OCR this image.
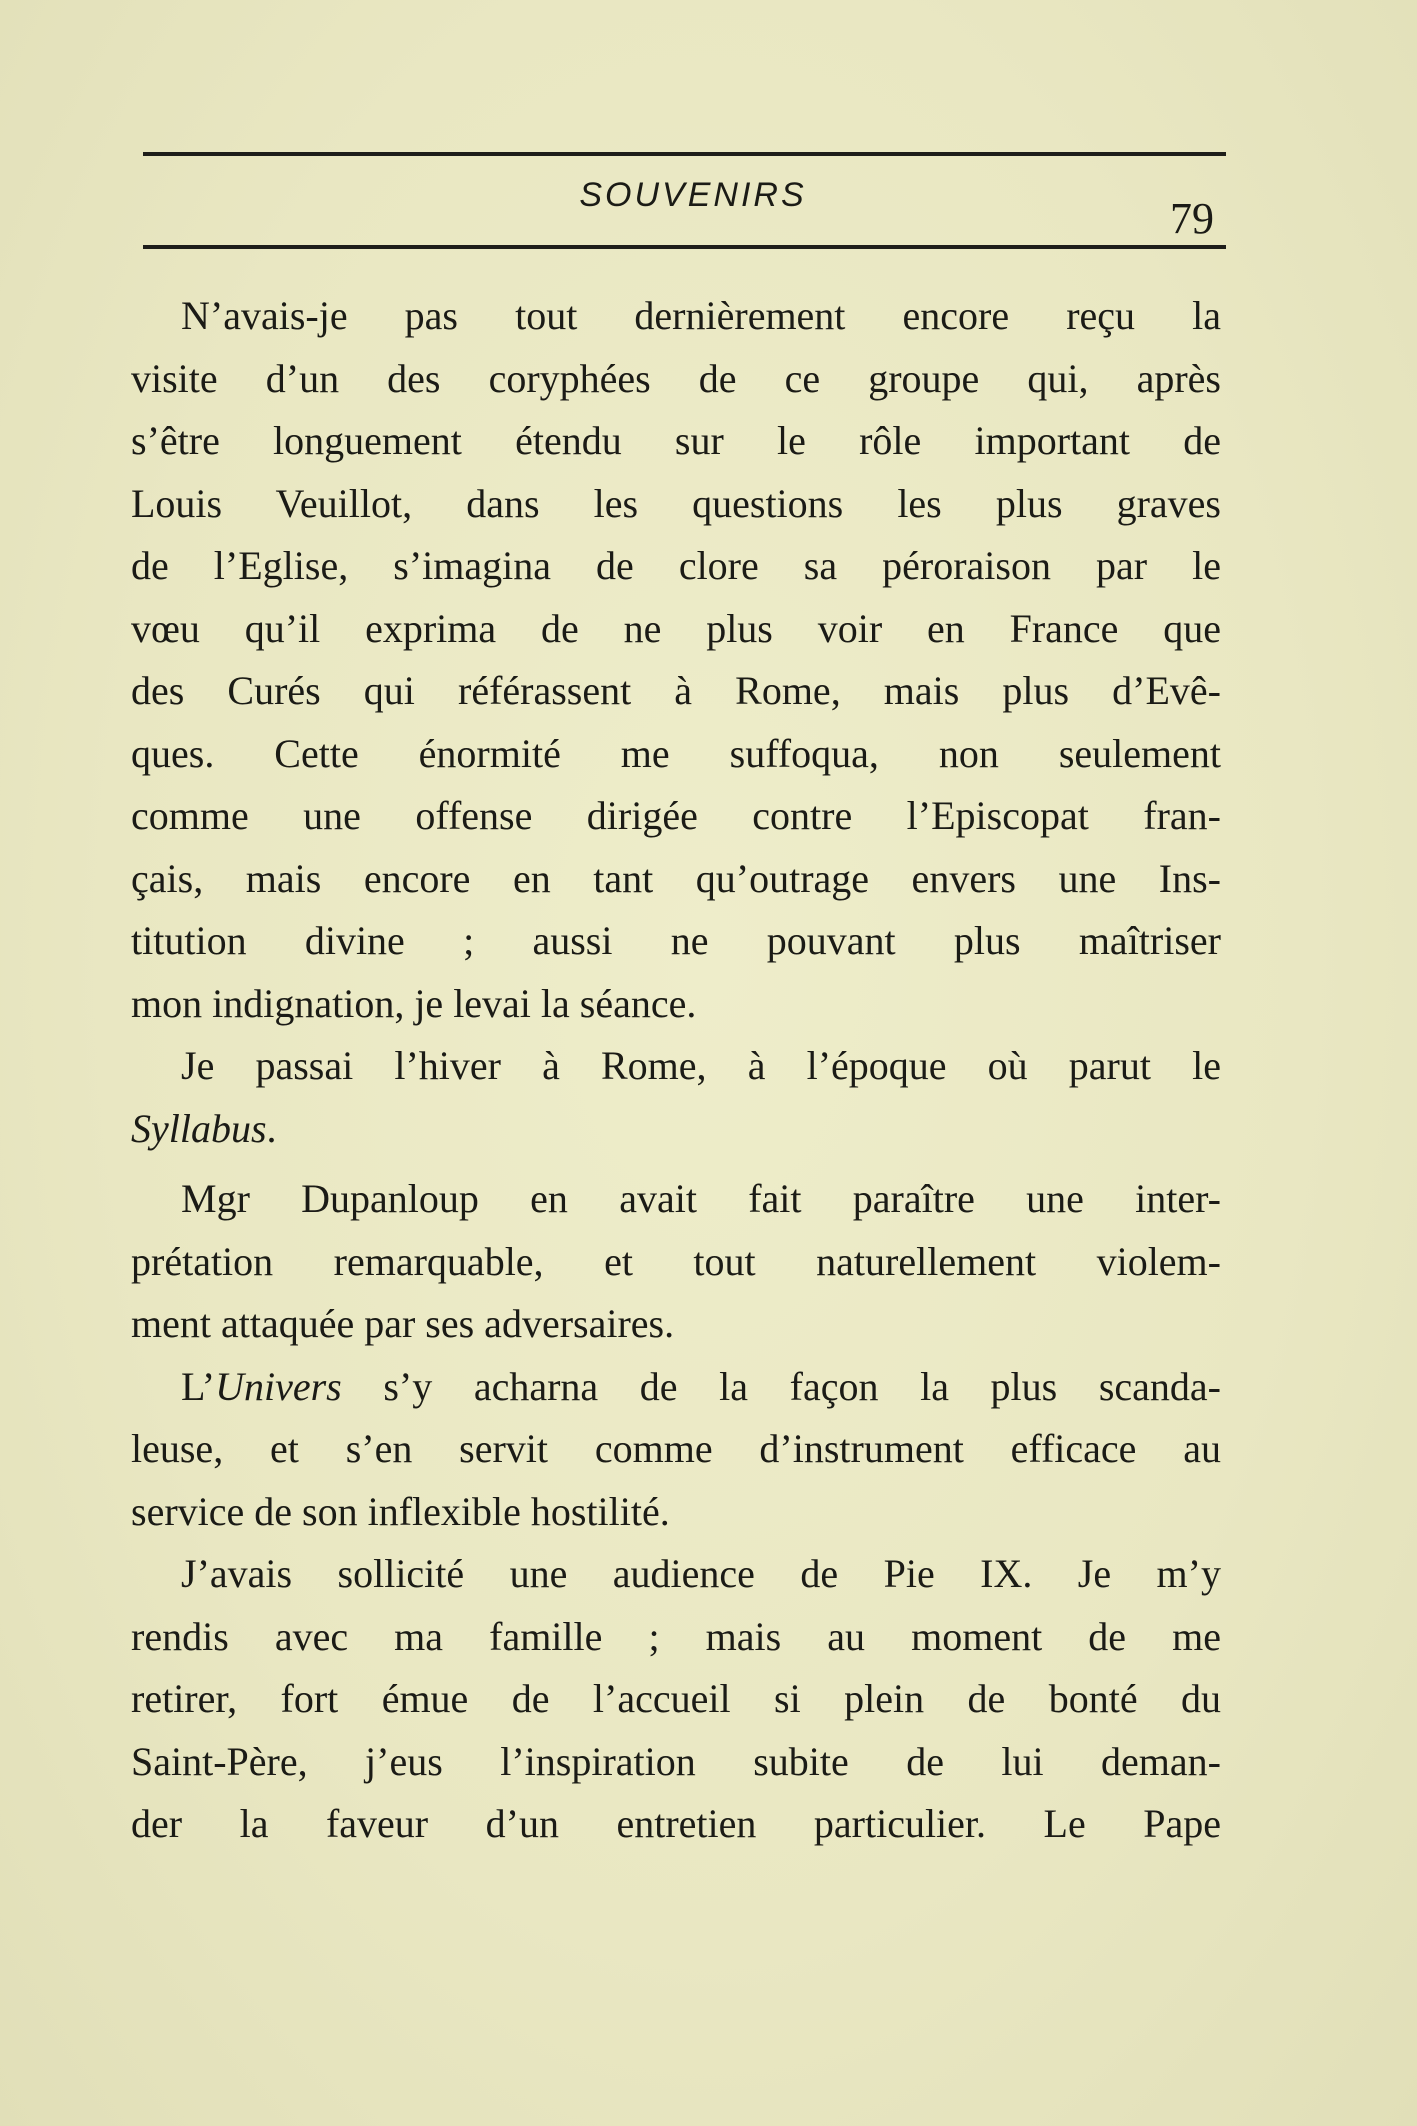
SOUVENIRS	79
N’avais-je pas tout dernièrement encore reçu la
visite d’un des coryphées de ce groupe qui, après
s’être longuement étendu sur le rôle important de
Louis Veuillot, dans les questions les plus graves
de l’Eglise, s’imagina de clore sa péroraison par le
vœu qu’il exprima de ne plus voir en France que
des Curés qui référassent à Rome, mais plus d’Evê-
ques. Cette énormité me suffoqua, non seulement
comme une offense dirigée contre l’Episcopat fran-
çais, mais encore en tant qu’outrage envers une Ins-
titution divine ; aussi ne pouvant plus maîtriser
mon indignation, je levai la séance.
Je passai l’hiver à Rome, à l’époque où parut le
Syllabus.
Mgr Dupanloup en avait fait paraître une inter-
prétation remarquable, et tout naturellement violem-
ment attaquée par ses adversaires.
L’Univers s’y acharna de la façon la plus scanda-
leuse, et s’en servit comme d’instrument efficace au
service de son inflexible hostilité.
J’avais sollicité une audience de Pie IX. Je m’y
rendis avec ma famille ; mais au moment de me
retirer, fort émue de l’accueil si plein de bonté du
Saint-Père, j’eus l’inspiration subite de lui deman-
der la faveur d’un entretien particulier. Le Pape
